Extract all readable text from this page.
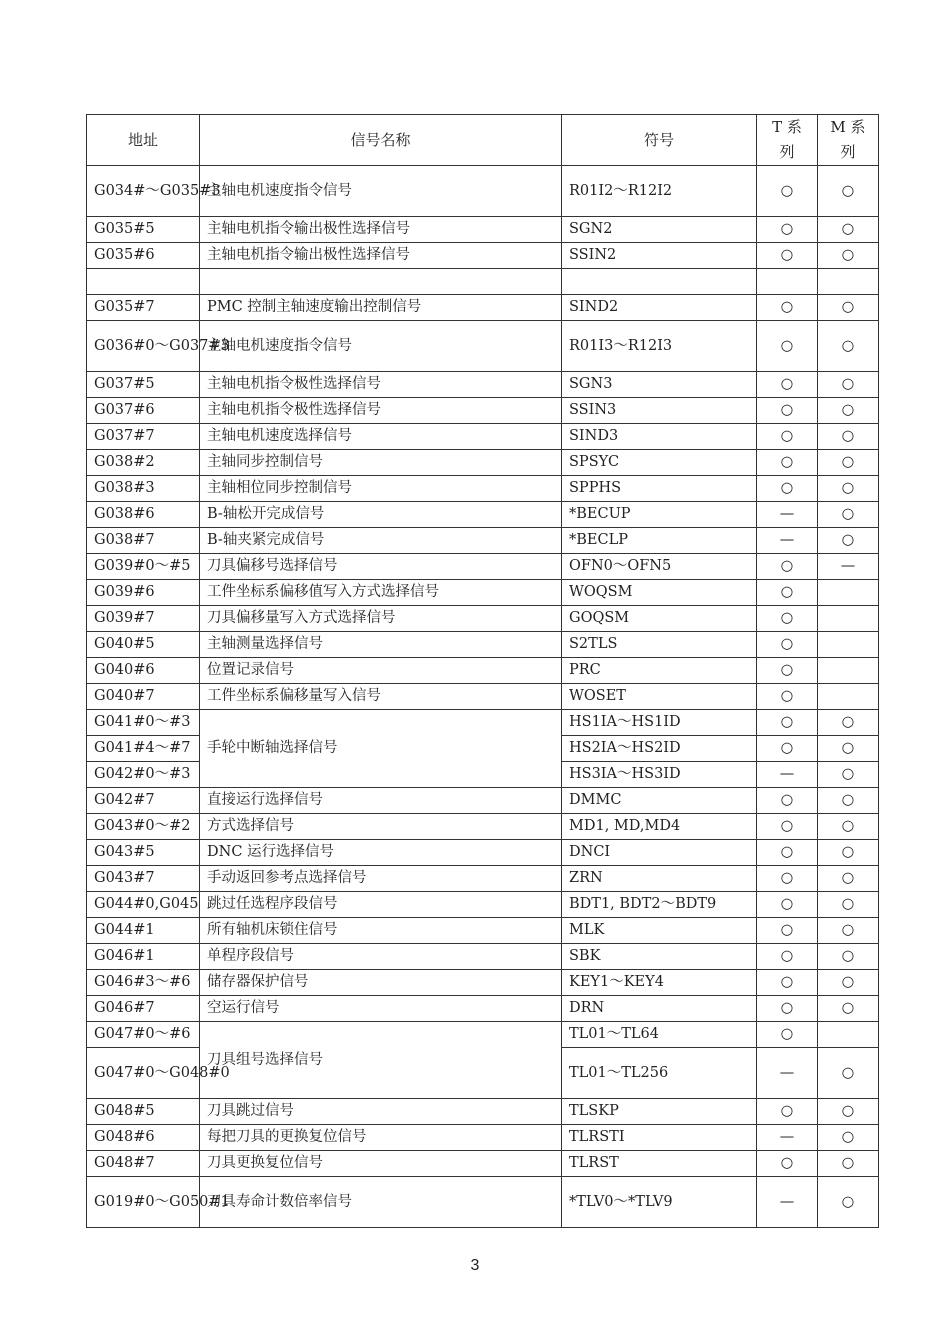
地址	信号名称	符号	T 系列	M 系列
G034#～G035#3	主轴电机速度指令信号	R01I2～R12I2	○	○
G035#5	主轴电机指令输出极性选择信号	SGN2	○	○
G035#6	主轴电机指令输出极性选择信号	SSIN2	○	○

G035#7	PMC 控制主轴速度输出控制信号	SIND2	○	○
G036#0～G037#3	主轴电机速度指令信号	R01I3～R12I3	○	○
G037#5	主轴电机指令极性选择信号	SGN3	○	○
G037#6	主轴电机指令极性选择信号	SSIN3	○	○
G037#7	主轴电机速度选择信号	SIND3	○	○
G038#2	主轴同步控制信号	SPSYC	○	○
G038#3	主轴相位同步控制信号	SPPHS	○	○
G038#6	B-轴松开完成信号	*BECUP	—	○
G038#7	B-轴夹紧完成信号	*BECLP	—	○
G039#0～#5	刀具偏移号选择信号	OFN0～OFN5	○	—
G039#6	工件坐标系偏移值写入方式选择信号	WOQSM	○	
G039#7	刀具偏移量写入方式选择信号	GOQSM	○	
G040#5	主轴测量选择信号	S2TLS	○	
G040#6	位置记录信号	PRC	○	
G040#7	工件坐标系偏移量写入信号	WOSET	○	
G041#0～#3	手轮中断轴选择信号	HS1IA～HS1ID	○	○
G041#4～#7		HS2IA～HS2ID	○	○
G042#0～#3		HS3IA～HS3ID	—	○
G042#7	直接运行选择信号	DMMC	○	○
G043#0～#2	方式选择信号	MD1, MD,MD4	○	○
G043#5	DNC 运行选择信号	DNCI	○	○
G043#7	手动返回参考点选择信号	ZRN	○	○
G044#0,G045	跳过任选程序段信号	BDT1, BDT2～BDT9	○	○
G044#1	所有轴机床锁住信号	MLK	○	○
G046#1	单程序段信号	SBK	○	○
G046#3～#6	储存器保护信号	KEY1～KEY4	○	○
G046#7	空运行信号	DRN	○	○
G047#0～#6	刀具组号选择信号	TL01～TL64	○	
G047#0～G048#0		TL01～TL256	—	○
G048#5	刀具跳过信号	TLSKP	○	○
G048#6	每把刀具的更换复位信号	TLRSTI	—	○
G048#7	刀具更换复位信号	TLRST	○	○
G019#0～G050#1	刀具寿命计数倍率信号	*TLV0～*TLV9	—	○
3
